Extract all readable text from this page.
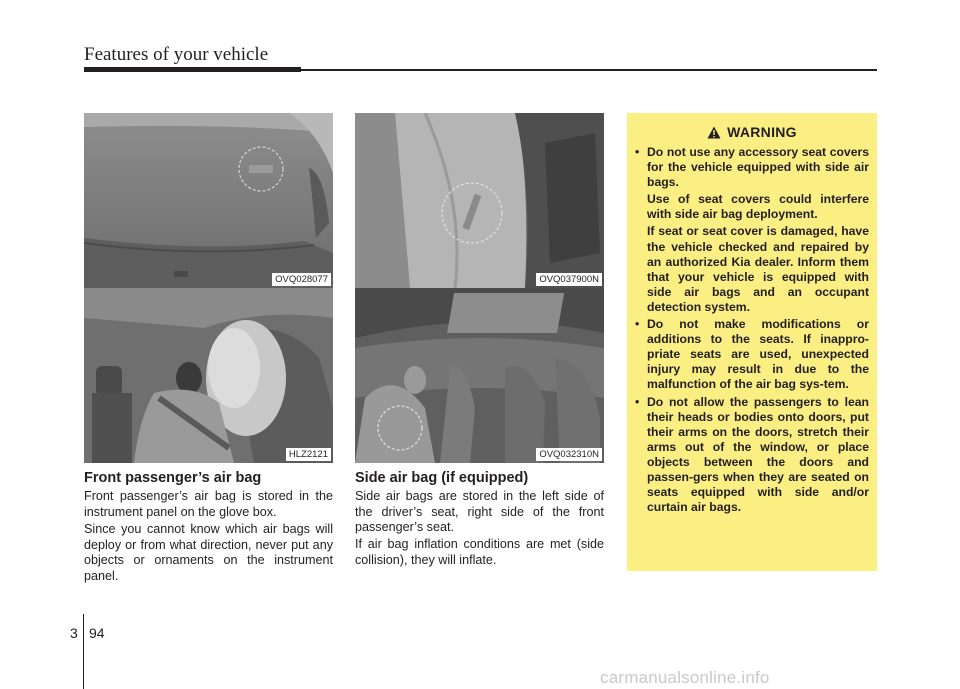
Features of your vehicle
OVQ028077
HLZ2121
OVQ037900N
OVQ032310N
Front passenger’s air bag
Front passenger’s air bag is stored in the instrument panel on the glove box.
Since you cannot know which air bags will deploy or from what direction, never put any objects or ornaments on the instrument panel.
Side air bag (if equipped)
Side air bags are stored in the left side of the driver’s seat, right side of the front passenger’s seat.
If air bag inflation conditions are met (side collision), they will inflate.
WARNING
• Do not use any accessory seat covers for the vehicle equipped with side air bags.

Use of seat covers could interfere with side air bag deployment.

If seat or seat cover is damaged, have the vehicle checked and repaired by an authorized Kia dealer. Inform them that your vehicle is equipped with side air bags and an occupant detection system.

• Do not make modifications or additions to the seats. If inappro-priate seats are used, unexpected injury may result in due to the malfunction of the air bag sys-tem.

• Do not allow the passengers to lean their heads or bodies onto doors, put their arms on the doors, stretch their arms out of the window, or place objects between the doors and passen-gers when they are seated on seats equipped with side and/or curtain air bags.

3 94
carmanualsonline.info
